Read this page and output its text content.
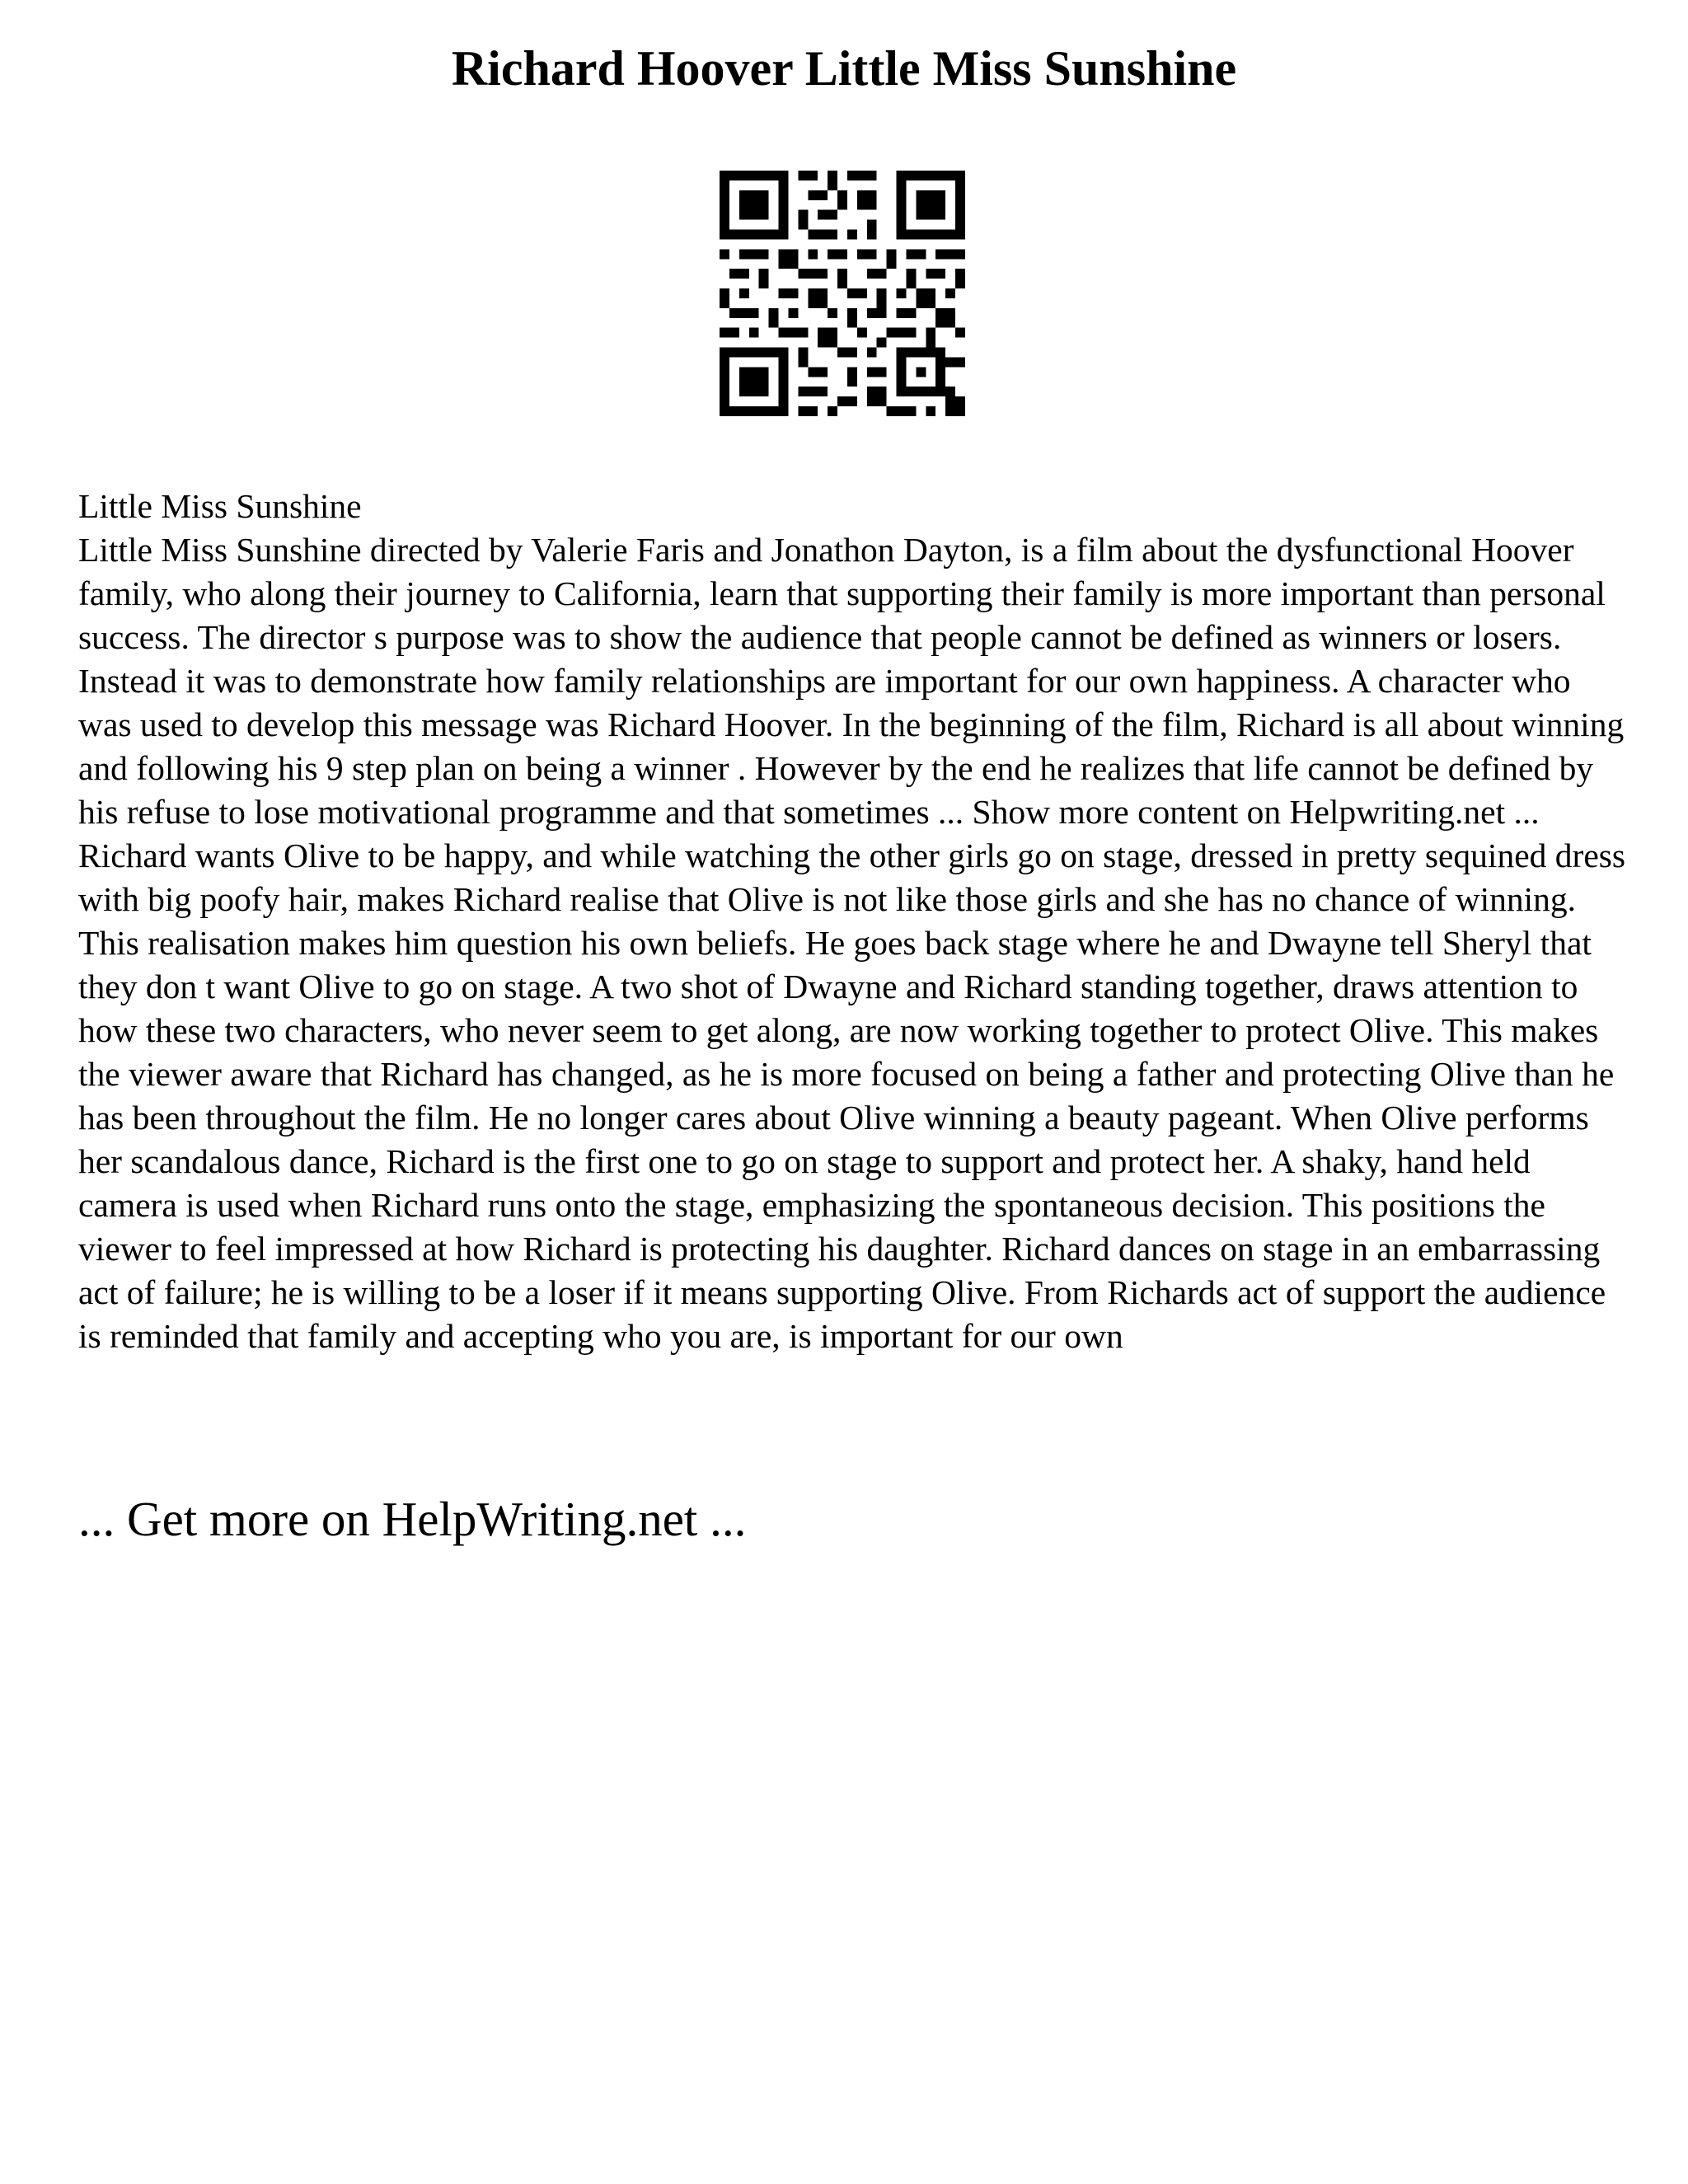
Richard Hoover Little Miss Sunshine

Little Miss Sunshine

Little Miss Sunshine directed by Valerie Faris and Jonathon Dayton, is a film about the dysfunctional Hoover family, who along their journey to California, learn that supporting their family is more important than personal success. The director s purpose was to show the audience that people cannot be defined as winners or losers. Instead it was to demonstrate how family relationships are important for our own happiness. A character who was used to develop this message was Richard Hoover. In the beginning of the film, Richard is all about winning and following his 9 step plan on being a winner . However by the end he realizes that life cannot be defined by his refuse to lose motivational programme and that sometimes ... Show more content on Helpwriting.net ...

Richard wants Olive to be happy, and while watching the other girls go on stage, dressed in pretty sequined dress with big poofy hair, makes Richard realise that Olive is not like those girls and she has no chance of winning. This realisation makes him question his own beliefs. He goes back stage where he and Dwayne tell Sheryl that they don t want Olive to go on stage. A two shot of Dwayne and Richard standing together, draws attention to how these two characters, who never seem to get along, are now working together to protect Olive. This makes the viewer aware that Richard has changed, as he is more focused on being a father and protecting Olive than he has been throughout the film. He no longer cares about Olive winning a beauty pageant. When Olive performs her scandalous dance, Richard is the first one to go on stage to support and protect her. A shaky, hand held camera is used when Richard runs onto the stage, emphasizing the spontaneous decision. This positions the viewer to feel impressed at how Richard is protecting his daughter. Richard dances on stage in an embarrassing act of failure; he is willing to be a loser if it means supporting Olive. From Richards act of support the audience is reminded that family and accepting who you are, is important for our own

... Get more on HelpWriting.net ...
